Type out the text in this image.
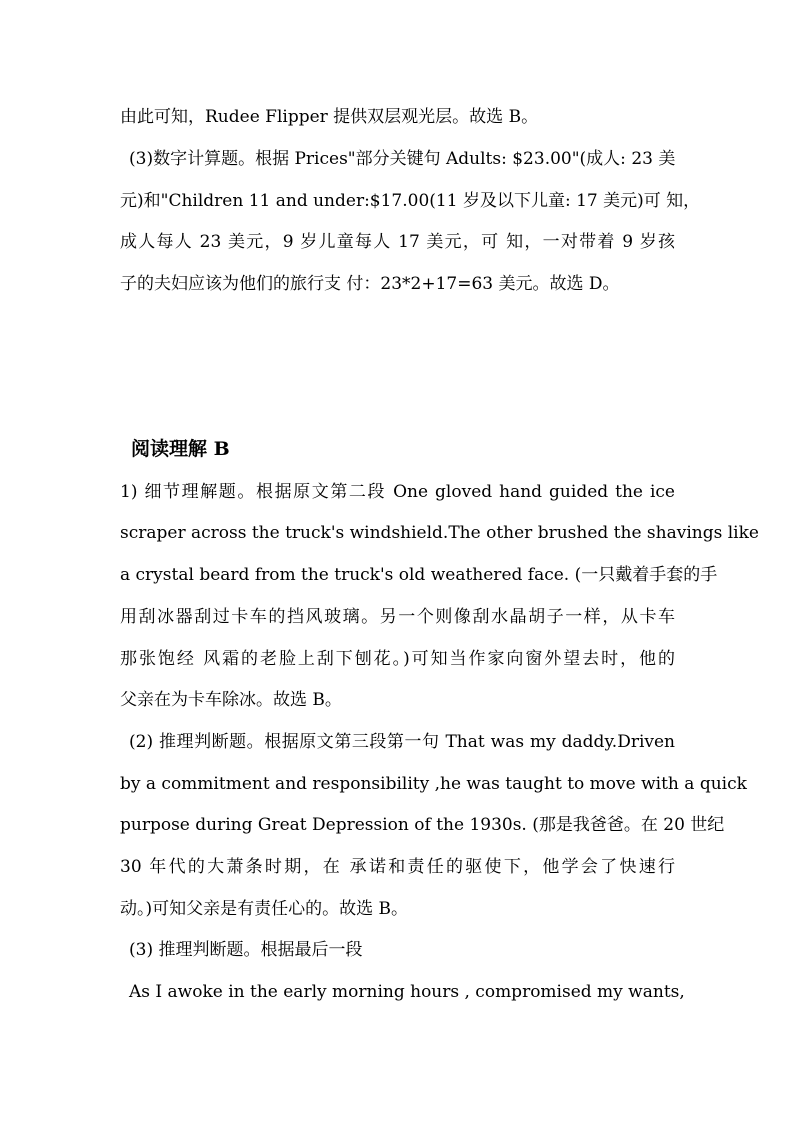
由此可知，Rudee Flipper 提供双层观光层。故选 B。
(3)数字计算题。根据 Prices"部分关键句 Adults: $23.00"(成人: 23 美
元)和"Children 11 and under:$17.00(11 岁及以下儿童: 17 美元)可 知，
成人每人 23 美元，9 岁儿童每人 17 美元，可 知，一对带着 9 岁孩
子的夫妇应该为他们的旅行支 付：23*2+17=63 美元。故选 D。
阅读理解 B
1) 细节理解题。根据原文第二段 One gloved hand guided the ice
scraper across the truck's windshield.The other brushed the shavings like
a crystal beard from the truck's old weathered face. (一只戴着手套的手
用刮冰器刮过卡车的挡风玻璃。另一个则像刮水晶胡子一样，从卡车
那张饱经 风霜的老脸上刮下刨花。)可知当作家向窗外望去时，他的
父亲在为卡车除冰。故选 B。
(2) 推理判断题。根据原文第三段第一句 That was my daddy.Driven
by a commitment and responsibility ,he was taught to move with a quick
purpose during Great Depression of the 1930s. (那是我爸爸。在 20 世纪
30 年代的大萧条时期，在 承诺和责任的驱使下，他学会了快速行
动。)可知父亲是有责任心的。故选 B。
(3) 推理判断题。根据最后一段
As I awoke in the early morning hours , compromised my wants,
